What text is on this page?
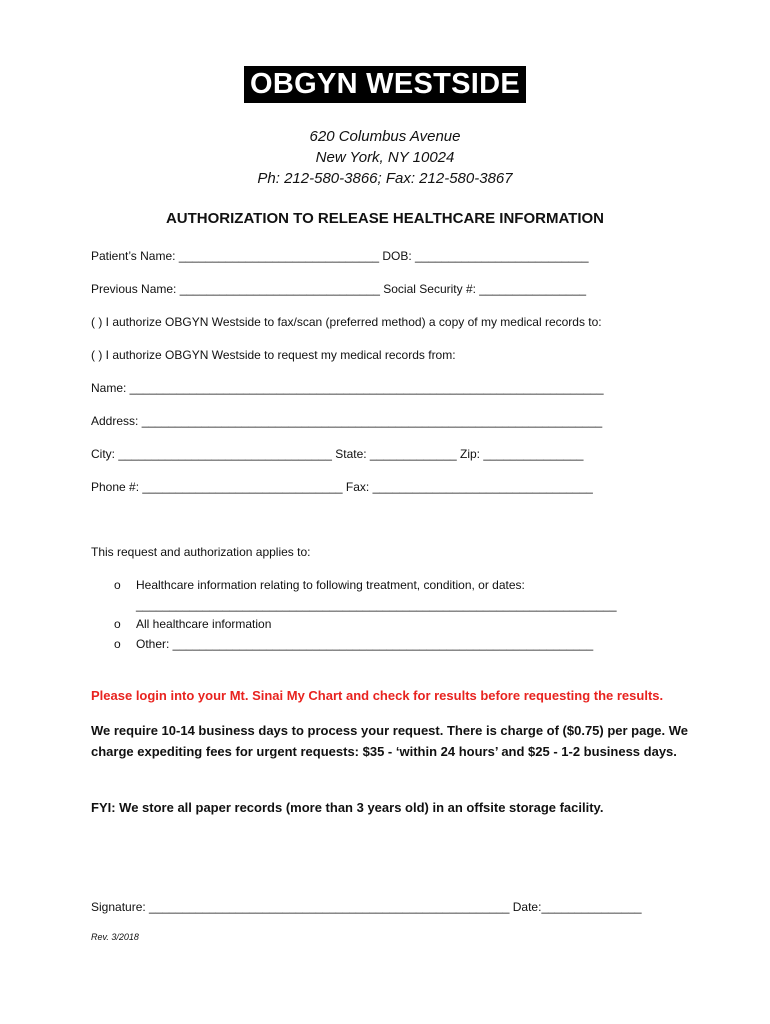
OBGYN WESTSIDE
620 Columbus Avenue
New York, NY 10024
Ph: 212-580-3866; Fax: 212-580-3867
AUTHORIZATION TO RELEASE HEALTHCARE INFORMATION
Patient’s Name: ______________________________ DOB: __________________________
Previous Name: ______________________________ Social Security #: ________________
( ) I authorize OBGYN Westside to fax/scan (preferred method) a copy of my medical records to:
( ) I authorize OBGYN Westside to request my medical records from:
Name: _______________________________________________________________________
Address: _____________________________________________________________________
City: ________________________________ State: _____________ Zip: _______________
Phone #: ______________________________ Fax: _________________________________
This request and authorization applies to:
o Healthcare information relating to following treatment, condition, or dates:
________________________________________________________________________
o All healthcare information
o Other: _______________________________________________________________
Please login into your Mt. Sinai My Chart and check for results before requesting the results.
We require 10-14 business days to process your request. There is charge of ($0.75) per page. We charge expediting fees for urgent requests: $35 - ‘within 24 hours’ and $25 - 1-2 business days.
FYI: We store all paper records (more than 3 years old) in an offsite storage facility.
Signature: ______________________________________________________ Date:_______________
Rev. 3/2018
